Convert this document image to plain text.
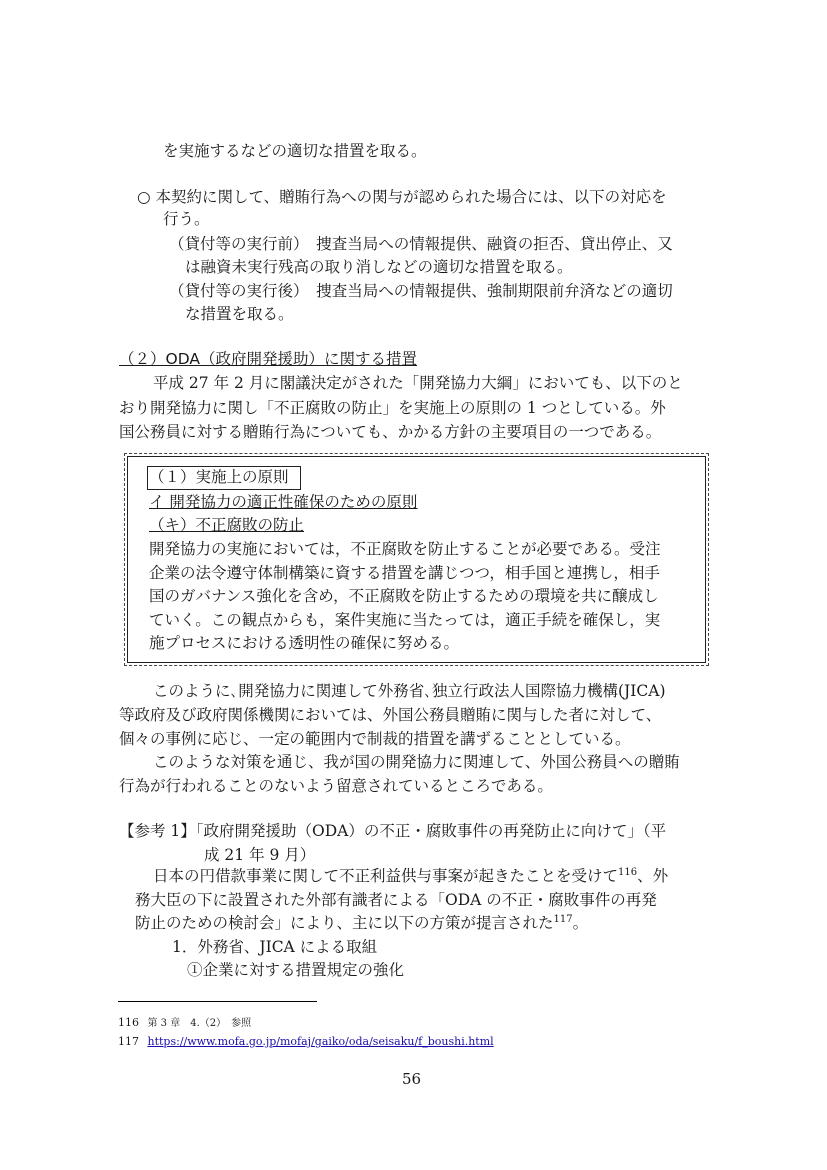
を実施するなどの適切な措置を取る。
○ 本契約に関して、贈賄行為への関与が認められた場合には、以下の対応を
行う。
（貸付等の実行前）　捜査当局への情報提供、融資の拒否、貸出停止、又
は融資未実行残高の取り消しなどの適切な措置を取る。
（貸付等の実行後）　捜査当局への情報提供、強制期限前弁済などの適切
な措置を取る。
（２）ODA（政府開発援助）に関する措置
平成 27 年 2 月に閣議決定がされた「開発協力大綱」においても、以下のと
おり開発協力に関し「不正腐敗の防止」を実施上の原則の 1 つとしている。外
国公務員に対する贈賄行為についても、かかる方針の主要項目の一つである。
（１）実施上の原則
イ 開発協力の適正性確保のための原則
（キ）不正腐敗の防止
開発協力の実施においては，不正腐敗を防止することが必要である。受注
企業の法令遵守体制構築に資する措置を講じつつ，相手国と連携し，相手
国のガバナンス強化を含め，不正腐敗を防止するための環境を共に醸成し
ていく。この観点からも，案件実施に当たっては，適正手続を確保し，実
施プロセスにおける透明性の確保に努める。
このように､開発協力に関連して外務省､独立行政法人国際協力機構(JICA)
等政府及び政府関係機関においては、外国公務員贈賄に関与した者に対して、
個々の事例に応じ、一定の範囲内で制裁的措置を講ずることとしている。
このような対策を通じ、我が国の開発協力に関連して、外国公務員への贈賄
行為が行われることのないよう留意されているところである。
【参考 1】「政府開発援助（ODA）の不正・腐敗事件の再発防止に向けて」（平
成 21 年 9 月）
日本の円借款事業に関して不正利益供与事案が起きたことを受けて$^{116}$、外
務大臣の下に設置された外部有識者による「ODA の不正・腐敗事件の再発
防止のための検討会」により、主に以下の方策が提言された$^{117}$。
1．外務省、JICA による取組
①企業に対する措置規定の強化
116 第 3 章　4.（2）　参照
117 https://www.mofa.go.jp/mofaj/gaiko/oda/seisaku/f_boushi.html
56
